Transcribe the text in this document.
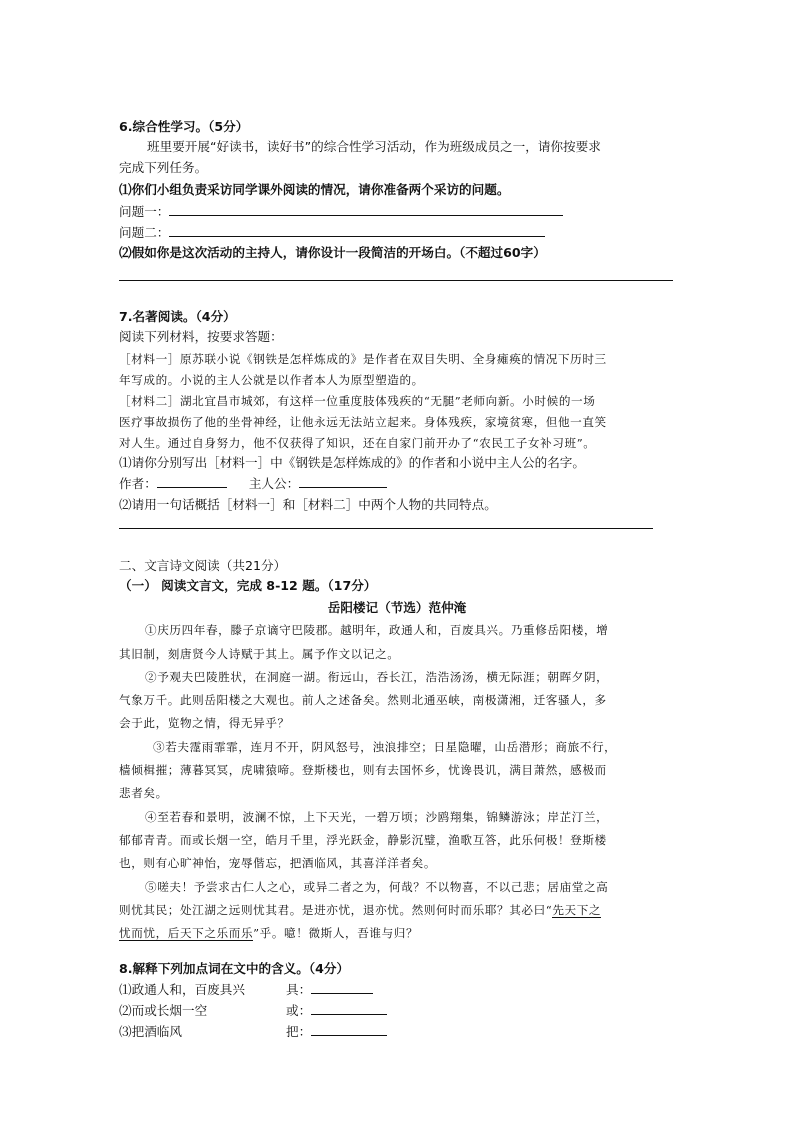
6.综合性学习。（5分）
班里要开展“好读书，读好书”的综合性学习活动，作为班级成员之一，请你按要求
完成下列任务。
⑴你们小组负责采访同学课外阅读的情况，请你准备两个采访的问题。
问题一：
问题二：
⑵假如你是这次活动的主持人，请你设计一段简洁的开场白。（不超过60字）
7.名著阅读。（4分）
阅读下列材料，按要求答题：
［材料一］原苏联小说《钢铁是怎样炼成的》是作者在双目失明、全身瘫痪的情况下历时三
年写成的。小说的主人公就是以作者本人为原型塑造的。
［材料二］湖北宜昌市城郊，有这样一位重度肢体残疾的“无腿”老师向新。小时候的一场
医疗事故损伤了他的坐骨神经，让他永远无法站立起来。身体残疾，家境贫寒，但他一直笑
对人生。通过自身努力，他不仅获得了知识，还在自家门前开办了“农民工子女补习班”。
⑴请你分别写出［材料一］中《钢铁是怎样炼成的》的作者和小说中主人公的名字。
作者：	主人公：
⑵请用一句话概括［材料一］和［材料二］中两个人物的共同特点。
二、文言诗文阅读（共21分）
（一） 阅读文言文，完成 8-12 题。（17分）
岳阳楼记（节选）范仲淹
①庆历四年春，滕子京谪守巴陵郡。越明年，政通人和，百废具兴。乃重修岳阳楼，增
其旧制，刻唐贤今人诗赋于其上。属予作文以记之。
②予观夫巴陵胜状，在洞庭一湖。衔远山，吞长江，浩浩汤汤，横无际涯；朝晖夕阴，
气象万千。此则岳阳楼之大观也。前人之述备矣。然则北通巫峡，南极潇湘，迁客骚人，多
会于此，览物之情，得无异乎？
③若夫霪雨霏霏，连月不开，阴风怒号，浊浪排空；日星隐曜，山岳潜形；商旅不行，
樯倾楫摧；薄暮冥冥，虎啸猿啼。登斯楼也，则有去国怀乡，忧谗畏讥，满目萧然，感极而
悲者矣。
④至若春和景明，波澜不惊，上下天光，一碧万顷；沙鸥翔集，锦鳞游泳；岸芷汀兰，
郁郁青青。而或长烟一空，皓月千里，浮光跃金，静影沉璧，渔歌互答，此乐何极！登斯楼
也，则有心旷神怡，宠辱偕忘，把酒临风，其喜洋洋者矣。
⑤嗟夫！予尝求古仁人之心，或异二者之为，何哉？不以物喜，不以己悲；居庙堂之高
则忧其民；处江湖之远则忧其君。是进亦忧，退亦忧。然则何时而乐耶？其必曰“先天下之
忧而忧，后天下之乐而乐”乎。噫！微斯人，吾谁与归？
8.解释下列加点词在文中的含义。（4分）
⑴政通人和，百废具兴	具：
⑵而或长烟一空	或：
⑶把酒临风	把：
